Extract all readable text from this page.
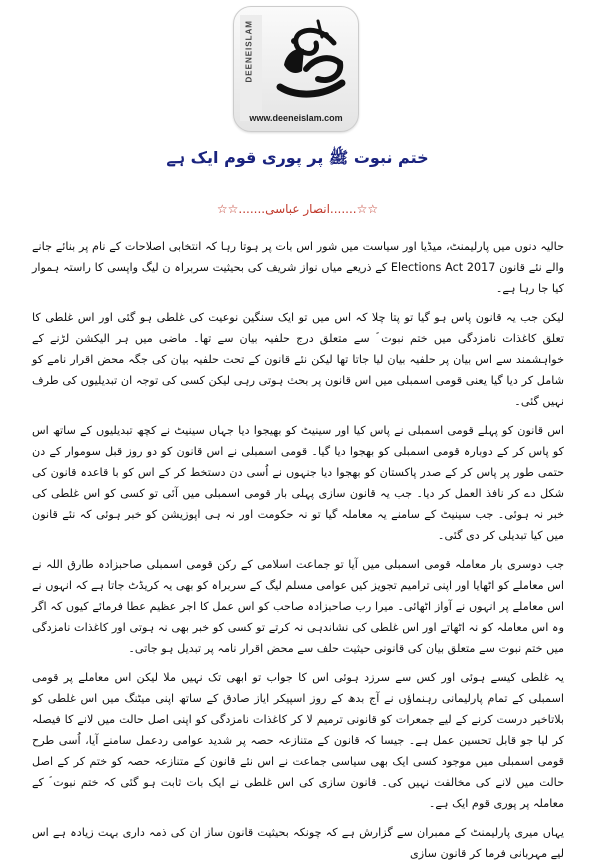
www.deeneislam.com
ختم نبوت ﷺ پر پوری قوم ایک ہے
☆☆.......انصار عباسی.......☆☆

حالیہ دنوں میں پارلیمنٹ، میڈیا اور سیاست میں شور اس بات پر ہوتا رہا کہ انتخابی اصلاحات کے نام پر بنائے جانے والے نئے قانون Elections Act 2017 کے ذریعے میاں نواز شریف کی بحیثیت سربراہ ن لیگ واپسی کا راستہ ہموار کیا جا رہا ہے۔

لیکن جب یہ قانون پاس ہو گیا تو پتا چلا کہ اس میں تو ایک سنگین نوعیت کی غلطی ہو گئی اور اس غلطی کا تعلق کاغذات نامزدگی میں ختم نبوت ؐ سے متعلق درج حلفیہ بیان سے تھا۔ ماضی میں ہر الیکشن لڑنے کے خواہشمند سے اس بیان پر حلفیہ بیان لیا جاتا تھا لیکن نئے قانون کے تحت حلفیہ بیان کی جگہ محض اقرار نامے کو شامل کر دیا گیا یعنی قومی اسمبلی میں اس قانون پر بحث ہوتی رہی لیکن کسی کی توجہ ان تبدیلیوں کی طرف نہیں گئی۔

اس قانون کو پہلے قومی اسمبلی نے پاس کیا اور سینیٹ کو بھیجوا دیا جہاں سینیٹ نے کچھ تبدیلیوں کے ساتھ اس کو پاس کر کے دوبارہ قومی اسمبلی کو بھجوا دیا گیا۔ قومی اسمبلی نے اس قانون کو دو روز قبل سوموار کے دن حتمی طور پر پاس کر کے صدر پاکستان کو بھجوا دیا جنہوں نے اُسی دن دستخط کر کے اس کو با قاعدہ قانون کی شکل دے کر نافذ العمل کر دیا۔ جب یہ قانون سازی پہلی بار قومی اسمبلی میں آئی تو کسی کو اس غلطی کی خبر نہ ہوئی۔ جب سینیٹ کے سامنے یہ معاملہ گیا تو نہ حکومت اور نہ ہی اپوزیشن کو خبر ہوئی کہ نئے قانون میں کیا تبدیلی کر دی گئی۔

جب دوسری بار معاملہ قومی اسمبلی میں آیا تو جماعت اسلامی کے رکن قومی اسمبلی صاحبزادہ طارق اللہ نے اس معاملے کو اٹھایا اور اپنی ترامیم تجویز کیں عوامی مسلم لیگ کے سربراہ کو بھی یہ کریڈٹ جاتا ہے کہ انہوں نے اس معاملے پر انہوں نے آواز اٹھائی۔ میرا رب صاحبزادہ صاحب کو اس عمل کا اجر عظیم عطا فرمائے کیوں کہ اگر وہ اس معاملہ کو نہ اٹھاتے اور اس غلطی کی نشاندہی نہ کرتے تو کسی کو خبر بھی نہ ہوتی اور کاغذات نامزدگی میں ختم نبوت سے متعلق بیان کی قانونی حیثیت حلف سے محض اقرار نامہ پر تبدیل ہو جاتی۔

یہ غلطی کیسے ہوئی اور کس سے سرزد ہوئی اس کا جواب تو ابھی تک نہیں ملا لیکن اس معاملے پر قومی اسمبلی کے تمام پارلیمانی رہنماؤں نے آج بدھ کے روز اسپیکر ایاز صادق کے ساتھ اپنی میٹنگ میں اس غلطی کو بلاتاخیر درست کرنے کے لیے جمعرات کو قانونی ترمیم لا کر کاغذات نامزدگی کو اپنی اصل حالت میں لانے کا فیصلہ کر لیا جو قابل تحسین عمل ہے۔ جیسا کہ قانون کے متنازعہ حصہ پر شدید عوامی ردعمل سامنے آیا، اُسی طرح قومی اسمبلی میں موجود کسی ایک بھی سیاسی جماعت نے اس نئے قانون کے متنازعہ حصہ کو ختم کر کے اصل حالت میں لانے کی مخالفت نہیں کی۔ قانون سازی کی اس غلطی نے ایک بات ثابت ہو گئی کہ ختم نبوت ؐ کے معاملہ پر پوری قوم ایک ہے۔

یہاں میری پارلیمنٹ کے ممبران سے گزارش ہے کہ چونکہ بحیثیت قانون ساز ان کی ذمہ داری بہت زیادہ ہے اس لیے مہربانی فرما کر قانون سازی
